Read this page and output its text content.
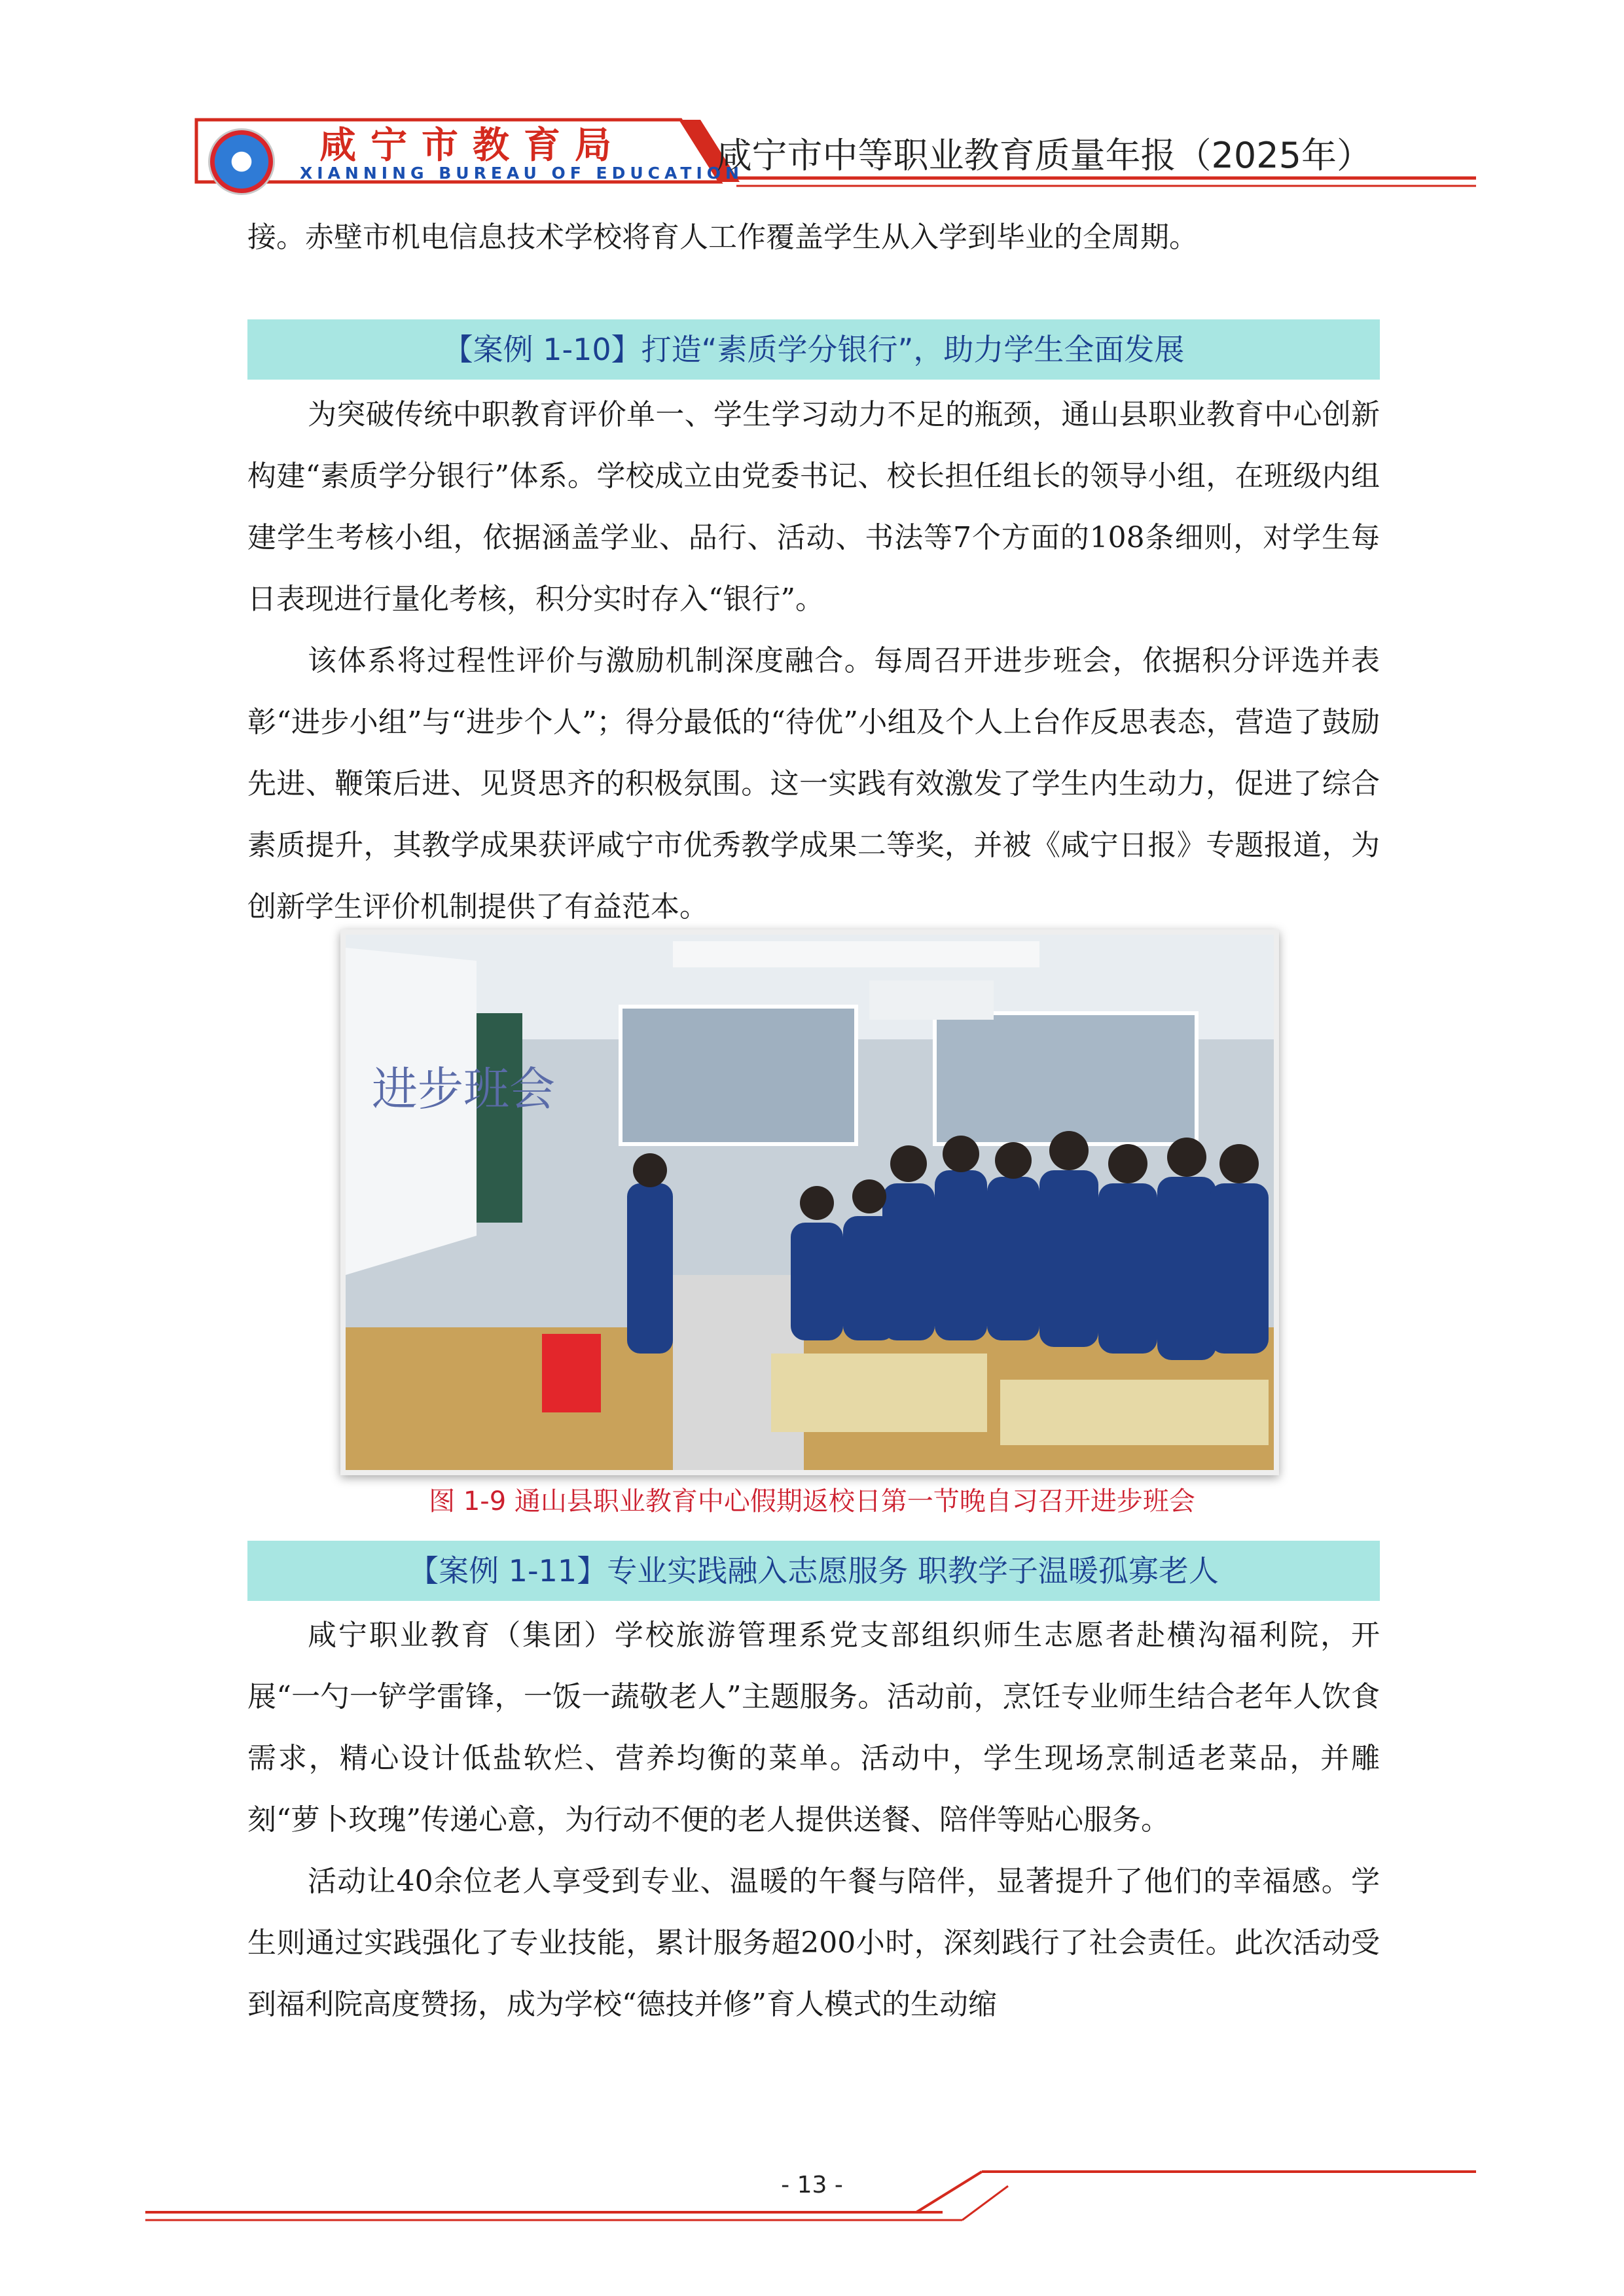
咸宁市教育局
XIANNING BUREAU OF EDUCATION
咸宁市中等职业教育质量年报（2025年）

接。赤壁市机电信息技术学校将育人工作覆盖学生从入学到毕业的全周期。

【案例 1-10】打造“素质学分银行”，助力学生全面发展

为突破传统中职教育评价单一、学生学习动力不足的瓶颈，通山县职业教育中心创新构建“素质学分银行”体系。学校成立由党委书记、校长担任组长的领导小组，在班级内组建学生考核小组，依据涵盖学业、品行、活动、书法等7个方面的108条细则，对学生每日表现进行量化考核，积分实时存入“银行”。

该体系将过程性评价与激励机制深度融合。每周召开进步班会，依据积分评选并表彰“进步小组”与“进步个人”；得分最低的“待优”小组及个人上台作反思表态，营造了鼓励先进、鞭策后进、见贤思齐的积极氛围。这一实践有效激发了学生内生动力，促进了综合素质提升，其教学成果获评咸宁市优秀教学成果二等奖，并被《咸宁日报》专题报道，为创新学生评价机制提供了有益范本。

进步班会
图 1-9 通山县职业教育中心假期返校日第一节晚自习召开进步班会
【案例 1-11】专业实践融入志愿服务 职教学子温暖孤寡老人

咸宁职业教育（集团）学校旅游管理系党支部组织师生志愿者赴横沟福利院，开展“一勺一铲学雷锋，一饭一蔬敬老人”主题服务。活动前，烹饪专业师生结合老年人饮食需求，精心设计低盐软烂、营养均衡的菜单。活动中，学生现场烹制适老菜品，并雕刻“萝卜玫瑰”传递心意，为行动不便的老人提供送餐、陪伴等贴心服务。

活动让40余位老人享受到专业、温暖的午餐与陪伴，显著提升了他们的幸福感。学生则通过实践强化了专业技能，累计服务超200小时，深刻践行了社会责任。此次活动受到福利院高度赞扬，成为学校“德技并修”育人模式的生动缩

- 13 -
